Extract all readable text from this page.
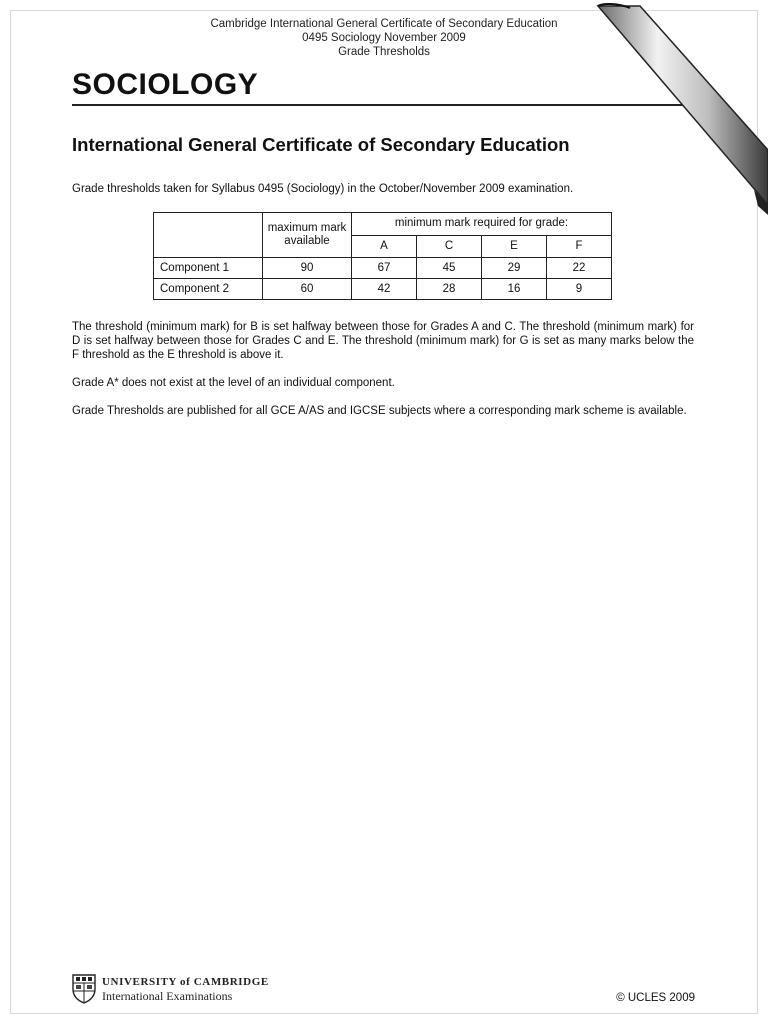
Cambridge International General Certificate of Secondary Education
0495 Sociology November 2009
Grade Thresholds
SOCIOLOGY
International General Certificate of Secondary Education
Grade thresholds taken for Syllabus 0495 (Sociology) in the October/November 2009 examination.
	maximum mark available	minimum mark required for grade:			
		A	C	E	F
Component 1	90	67	45	29	22
Component 2	60	42	28	16	9
The threshold (minimum mark) for B is set halfway between those for Grades A and C. The threshold (minimum mark) for D is set halfway between those for Grades C and E. The threshold (minimum mark) for G is set as many marks below the F threshold as the E threshold is above it.
Grade A* does not exist at the level of an individual component.
Grade Thresholds are published for all GCE A/AS and IGCSE subjects where a corresponding mark scheme is available.
UNIVERSITY of CAMBRIDGE
International Examinations	© UCLES 2009
